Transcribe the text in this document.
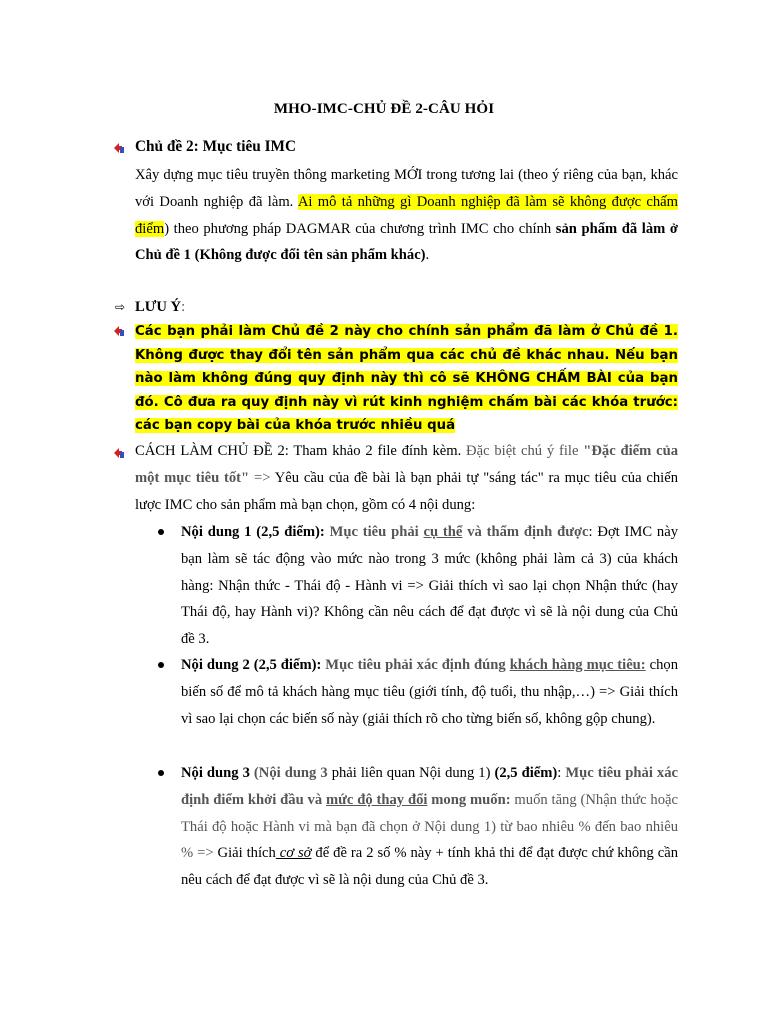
MHO-IMC-CHỦ ĐỀ 2-CÂU HỎI
Chủ đề 2: Mục tiêu IMC
Xây dựng mục tiêu truyền thông marketing MỚI trong tương lai (theo ý riêng của bạn, khác với Doanh nghiệp đã làm. Ai mô tả những gì Doanh nghiệp đã làm sẽ không được chấm điểm) theo phương pháp DAGMAR của chương trình IMC cho chính sản phẩm đã làm ở Chủ đề 1 (Không được đổi tên sản phẩm khác).
⇨ LƯU Ý:
Các bạn phải làm Chủ đề 2 này cho chính sản phẩm đã làm ở Chủ đề 1. Không được thay đổi tên sản phẩm qua các chủ đề khác nhau. Nếu bạn nào làm không đúng quy định này thì cô sẽ KHÔNG CHẤM BÀI của bạn đó. Cô đưa ra quy định này vì rút kinh nghiệm chấm bài các khóa trước: các bạn copy bài của khóa trước nhiều quá
CÁCH LÀM CHỦ ĐỀ 2: Tham khảo 2 file đính kèm. Đặc biệt chú ý file "Đặc điểm của một mục tiêu tốt" => Yêu cầu của đề bài là bạn phải tự "sáng tác" ra mục tiêu của chiến lược IMC cho sản phẩm mà bạn chọn, gồm có 4 nội dung:
Nội dung 1 (2,5 điểm): Mục tiêu phải cụ thể và thẩm định được: Đợt IMC này bạn làm sẽ tác động vào mức nào trong 3 mức (không phải làm cả 3) của khách hàng: Nhận thức - Thái độ - Hành vi => Giải thích vì sao lại chọn Nhận thức (hay Thái độ, hay Hành vi)? Không cần nêu cách để đạt được vì sẽ là nội dung của Chủ đề 3.
Nội dung 2 (2,5 điểm): Mục tiêu phải xác định đúng khách hàng mục tiêu: chọn biến số để mô tả khách hàng mục tiêu (giới tính, độ tuổi, thu nhập,…) => Giải thích vì sao lại chọn các biến số này (giải thích rõ cho từng biến số, không gộp chung).
Nội dung 3 (Nội dung 3 phải liên quan Nội dung 1) (2,5 điểm): Mục tiêu phải xác định điểm khởi đầu và mức độ thay đổi mong muốn: muốn tăng (Nhận thức hoặc Thái độ hoặc Hành vi mà bạn đã chọn ở Nội dung 1) từ bao nhiêu % đến bao nhiêu % => Giải thích cơ sở để đề ra 2 số % này + tính khả thi để đạt được chứ không cần nêu cách để đạt được vì sẽ là nội dung của Chủ đề 3.
